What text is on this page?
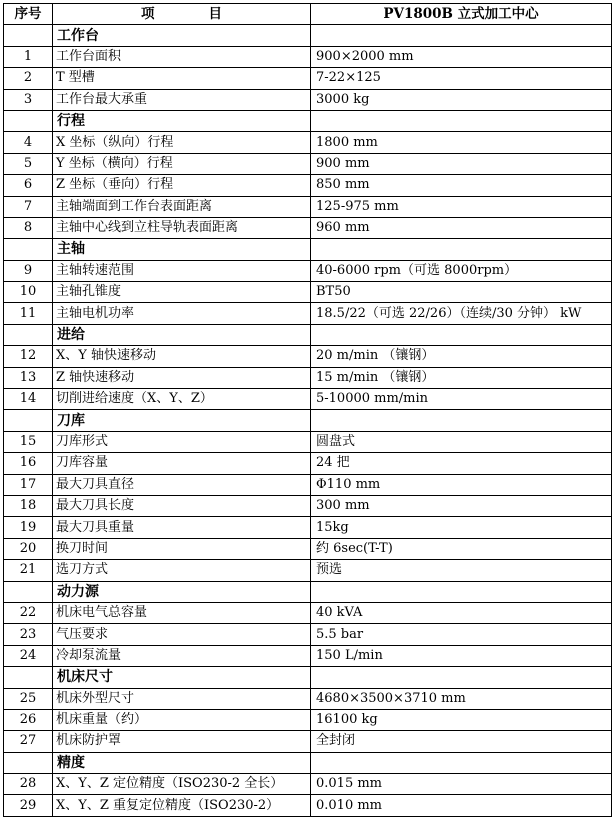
序号	项　　　　目	PV1800B 立式加工中心
	工作台	
1	工作台面积	900×2000 mm
2	T 型槽	7-22×125
3	工作台最大承重	3000 kg
	行程	
4	X 坐标（纵向）行程	1800 mm
5	Y 坐标（横向）行程	900 mm
6	Z 坐标（垂向）行程	850 mm
7	主轴端面到工作台表面距离	125-975 mm
8	主轴中心线到立柱导轨表面距离	960 mm
	主轴	
9	主轴转速范围	40-6000 rpm（可选 8000rpm）
10	主轴孔锥度	BT50
11	主轴电机功率	18.5/22（可选 22/26）（连续/30 分钟） kW
	进给	
12	X、Y 轴快速移动	20 m/min （镶钢）
13	Z 轴快速移动	15 m/min （镶钢）
14	切削进给速度（X、Y、Z）	5-10000 mm/min
	刀库	
15	刀库形式	圆盘式
16	刀库容量	24 把
17	最大刀具直径	Φ110 mm
18	最大刀具长度	300 mm
19	最大刀具重量	15kg
20	换刀时间	约 6sec(T-T)
21	选刀方式	预选
	动力源	
22	机床电气总容量	40 kVA
23	气压要求	5.5 bar
24	冷却泵流量	150 L/min
	机床尺寸	
25	机床外型尺寸	4680×3500×3710 mm
26	机床重量（约）	16100 kg
27	机床防护罩	全封闭
	精度	
28	X、Y、Z 定位精度（ISO230-2 全长）	0.015 mm
29	X、Y、Z 重复定位精度（ISO230-2）	0.010 mm
